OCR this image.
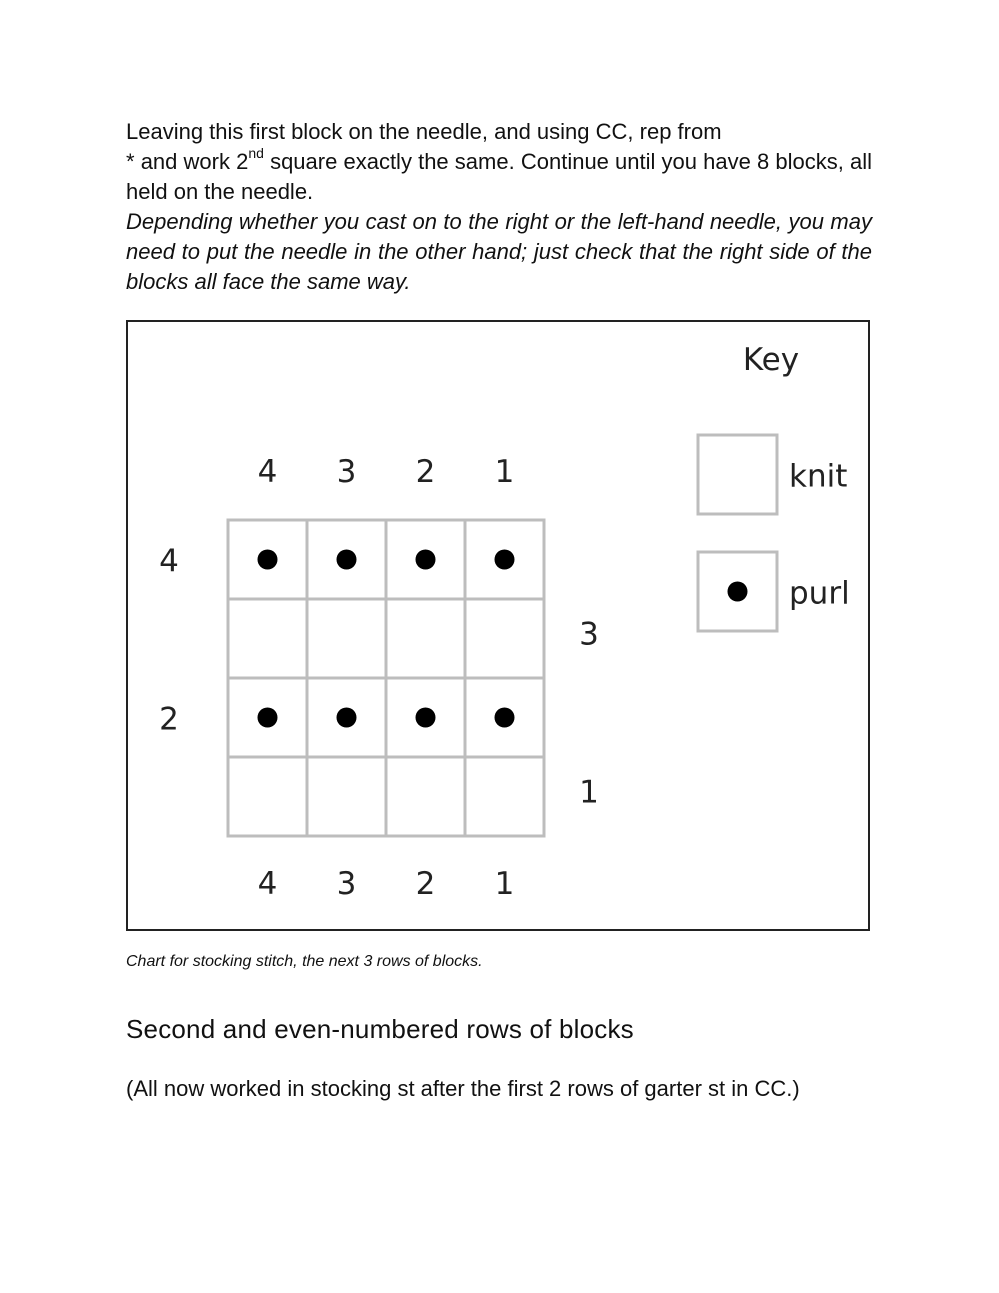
Leaving this first block on the needle, and using CC, rep from
* and work 2nd square exactly the same. Continue until you have 8 blocks, all held on the needle.

Depending whether you cast on to the right or the left-hand needle, you may need to put the needle in the other hand; just check that the right side of the blocks all face the same way.

4 3 2 1
4 3 2 1
4
2
3
1
Key
knit
purl

Chart for stocking stitch, the next 3 rows of blocks.

Second and even-numbered rows of blocks

(All now worked in stocking st after the first 2 rows of garter st in CC.)
